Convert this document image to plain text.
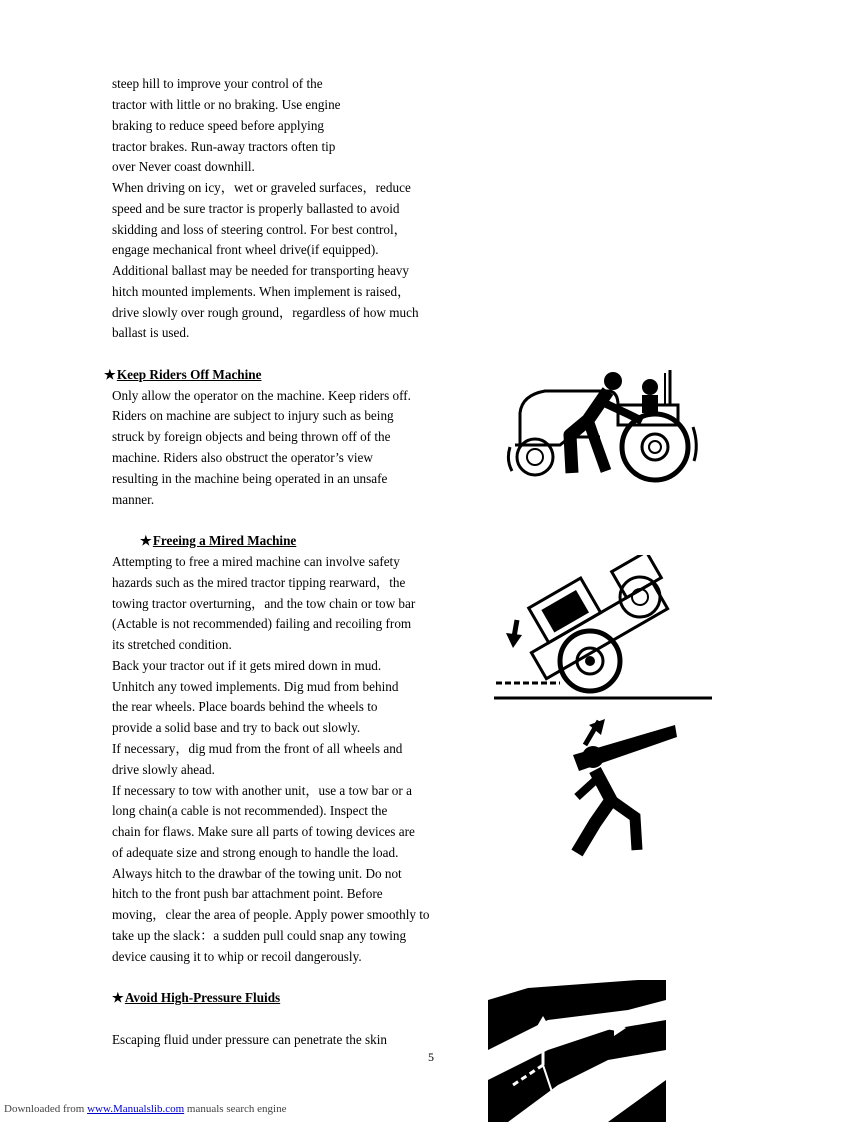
steep hill to improve your control of the
tractor with little or no braking. Use engine
braking to reduce speed before applying
tractor brakes. Run-away tractors often tip
over Never coast downhill.
When driving on icy，wet or graveled surfaces，reduce
speed and be sure tractor is properly ballasted to avoid
skidding and loss of steering control. For best control，
engage mechanical front wheel drive(if equipped).
Additional ballast may be needed for transporting heavy
hitch mounted implements. When implement is raised，
drive slowly over rough ground，regardless of how much
ballast is used.
★Keep Riders Off Machine
Only allow the operator on the machine. Keep riders off.
Riders on machine are subject to injury such as being
struck by foreign objects and being thrown off of the
machine. Riders also obstruct the operator’s view
resulting in the machine being operated in an unsafe
manner.
★Freeing a Mired Machine
Attempting to free a mired machine can involve safety
hazards such as the mired tractor tipping rearward，the
towing tractor overturning，and the tow chain or tow bar
(Actable is not recommended) failing and recoiling from
its stretched condition.
Back your tractor out if it gets mired down in mud.
Unhitch any towed implements. Dig mud from behind
the rear wheels. Place boards behind the wheels to
provide a solid base and try to back out slowly.
If necessary，dig mud from the front of all wheels and
drive slowly ahead.
If necessary to tow with another unit，use a tow bar or a
long chain(a cable is not recommended). Inspect the
chain for flaws. Make sure all parts of towing devices are
of adequate size and strong enough to handle the load.
Always hitch to the drawbar of the towing unit. Do not
hitch to the front push bar attachment point. Before
moving，clear the area of people. Apply power smoothly to
take up the slack：a sudden pull could snap any towing
device causing it to whip or recoil dangerously.
★Avoid High-Pressure Fluids
Escaping fluid under pressure can penetrate the skin
5
Downloaded from www.Manualslib.com manuals search engine
